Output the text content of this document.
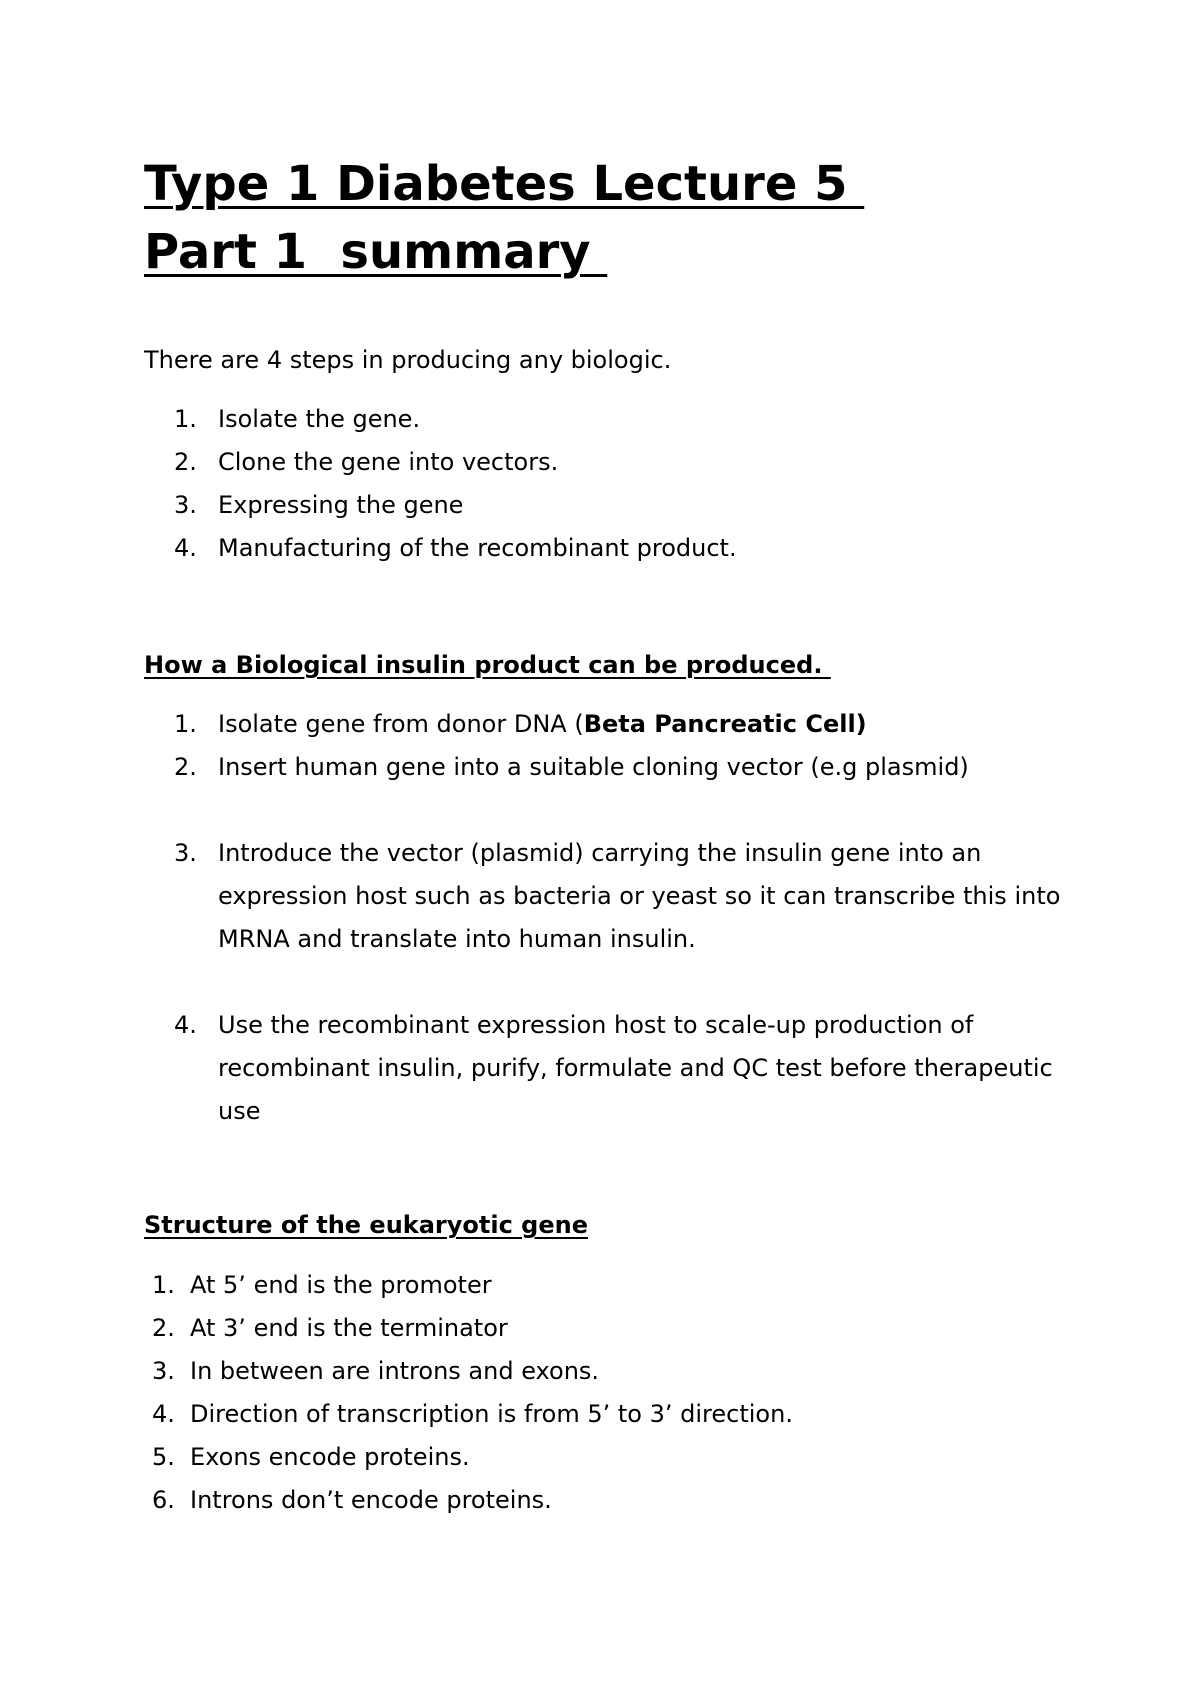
Type 1 Diabetes Lecture 5
Part 1  summary

There are 4 steps in producing any biologic.

1. Isolate the gene.
2. Clone the gene into vectors.
3. Expressing the gene
4. Manufacturing of the recombinant product.
How a Biological insulin product can be produced.
1. Isolate gene from donor DNA (Beta Pancreatic Cell)
2. Insert human gene into a suitable cloning vector (e.g plasmid)
3. Introduce the vector (plasmid) carrying the insulin gene into an expression host such as bacteria or yeast so it can transcribe this into MRNA and translate into human insulin.
4. Use the recombinant expression host to scale-up production of recombinant insulin, purify, formulate and QC test before therapeutic use
Structure of the eukaryotic gene
1. At 5’ end is the promoter
2. At 3’ end is the terminator
3. In between are introns and exons.
4. Direction of transcription is from 5’ to 3’ direction.
5. Exons encode proteins.
6. Introns don’t encode proteins.
